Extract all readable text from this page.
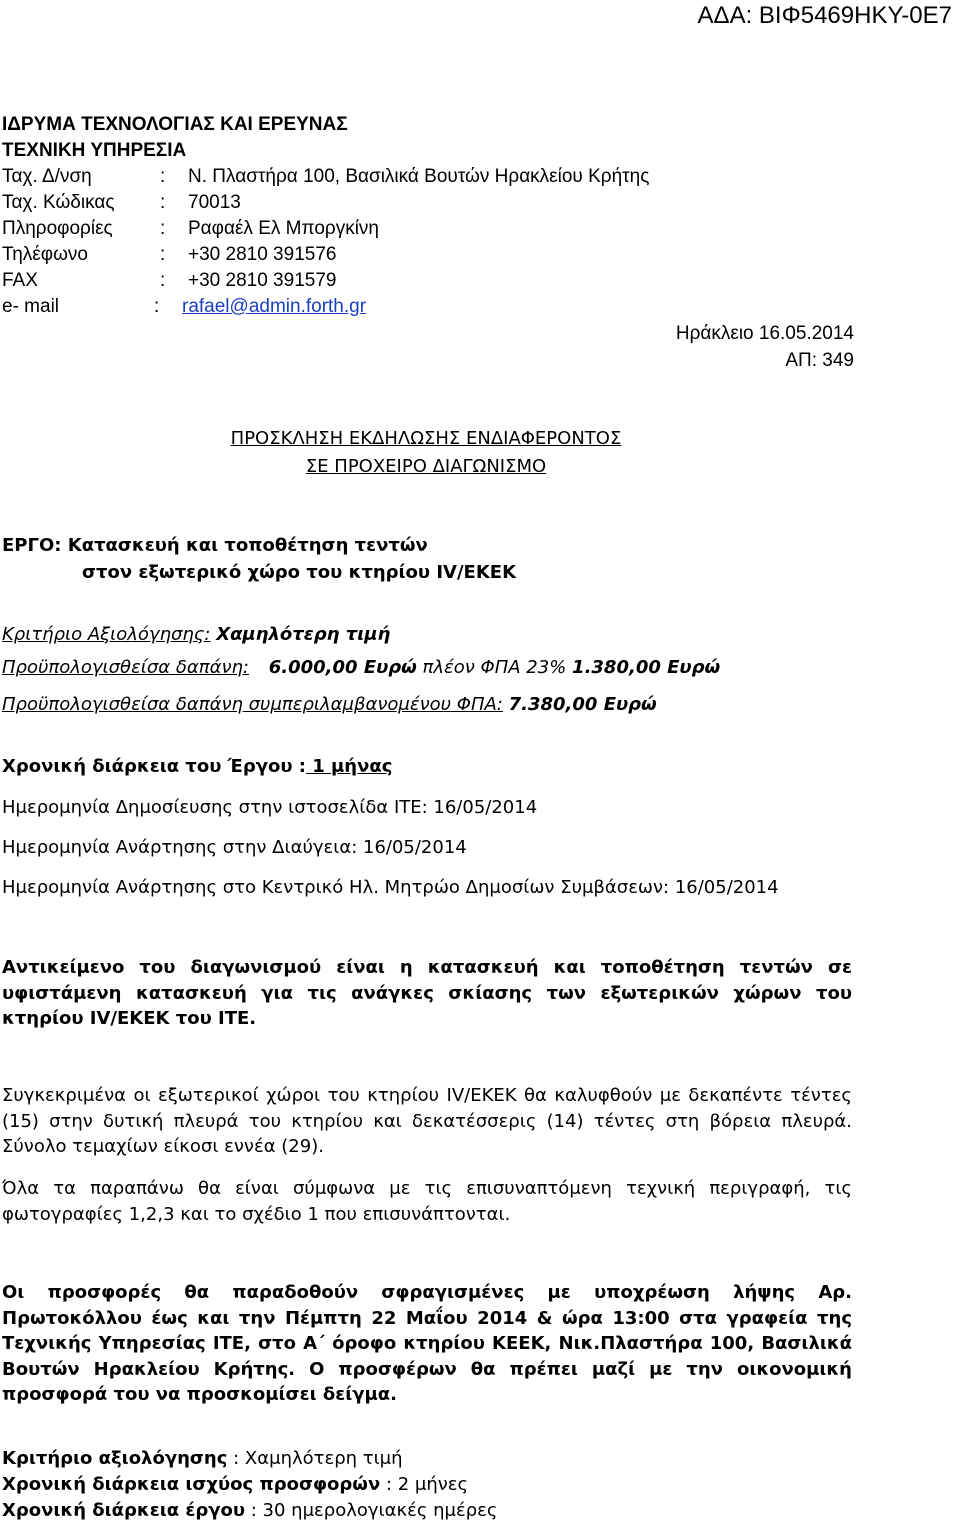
ΑΔΑ: ΒΙΦ5469ΗΚΥ-0Ε7
ΙΔΡΥΜΑ ΤΕΧΝΟΛΟΓΙΑΣ ΚΑΙ ΕΡΕΥΝΑΣ
ΤΕΧΝΙΚΗ ΥΠΗΡΕΣΙΑ
Ταχ. Δ/νση	:	Ν. Πλαστήρα 100, Βασιλικά Βουτών Ηρακλείου Κρήτης
Ταχ. Κώδικας	:	70013
Πληροφορίες	:	Ραφαέλ Ελ Μποργκίνη
Τηλέφωνο	:	+30 2810 391576
FAX	:	+30 2810 391579
e- mail	:	rafael@admin.forth.gr
Ηράκλειο 16.05.2014
ΑΠ: 349
ΠΡΟΣΚΛΗΣΗ ΕΚΔΗΛΩΣΗΣ ΕΝΔΙΑΦΕΡΟΝΤΟΣ
ΣΕ ΠΡΟΧΕΙΡΟ ΔΙΑΓΩΝΙΣΜΟ
ΕΡΓΟ: Κατασκευή και τοποθέτηση τεντών
στον εξωτερικό χώρο του κτηρίου IV/ΕΚΕΚ
Κριτήριο Αξιολόγησης: Χαμηλότερη τιμή
Προϋπολογισθείσα δαπάνη: 6.000,00 Ευρώ πλέον ΦΠΑ 23% 1.380,00 Ευρώ
Προϋπολογισθείσα δαπάνη συμπεριλαμβανομένου ΦΠΑ: 7.380,00 Ευρώ
Χρονική διάρκεια του Έργου : 1 μήνας
Ημερομηνία Δημοσίευσης στην ιστοσελίδα ΙΤΕ: 16/05/2014
Ημερομηνία Ανάρτησης στην Διαύγεια: 16/05/2014
Ημερομηνία Ανάρτησης στο Κεντρικό Ηλ. Μητρώο Δημοσίων Συμβάσεων: 16/05/2014
Αντικείμενο του διαγωνισμού είναι η κατασκευή και τοποθέτηση τεντών σε υφιστάμενη κατασκευή για τις ανάγκες σκίασης των εξωτερικών χώρων του κτηρίου IV/ΕΚΕΚ του ΙΤΕ.
Συγκεκριμένα οι εξωτερικοί χώροι του κτηρίου IV/ΕΚΕΚ θα καλυφθούν με δεκαπέντε τέντες (15) στην δυτική πλευρά του κτηρίου και δεκατέσσερις (14) τέντες στη βόρεια πλευρά. Σύνολο τεμαχίων είκοσι εννέα (29).
Όλα τα παραπάνω θα είναι σύμφωνα με τις επισυναπτόμενη τεχνική περιγραφή, τις φωτογραφίες 1,2,3 και το σχέδιο 1 που επισυνάπτονται.
Οι προσφορές θα παραδοθούν σφραγισμένες με υποχρέωση λήψης Αρ. Πρωτοκόλλου έως και την Πέμπτη 22 Μαΐου 2014 & ώρα 13:00 στα γραφεία της Τεχνικής Υπηρεσίας ΙΤΕ, στο Α΄ όροφο κτηρίου ΚΕΕΚ, Νικ.Πλαστήρα 100, Βασιλικά Βουτών Ηρακλείου Κρήτης. Ο προσφέρων θα πρέπει μαζί με την οικονομική προσφορά του να προσκομίσει δείγμα.
Κριτήριο αξιολόγησης : Χαμηλότερη τιμή
Χρονική διάρκεια ισχύος προσφορών : 2 μήνες
Χρονική διάρκεια έργου : 30 ημερολογιακές ημέρες
